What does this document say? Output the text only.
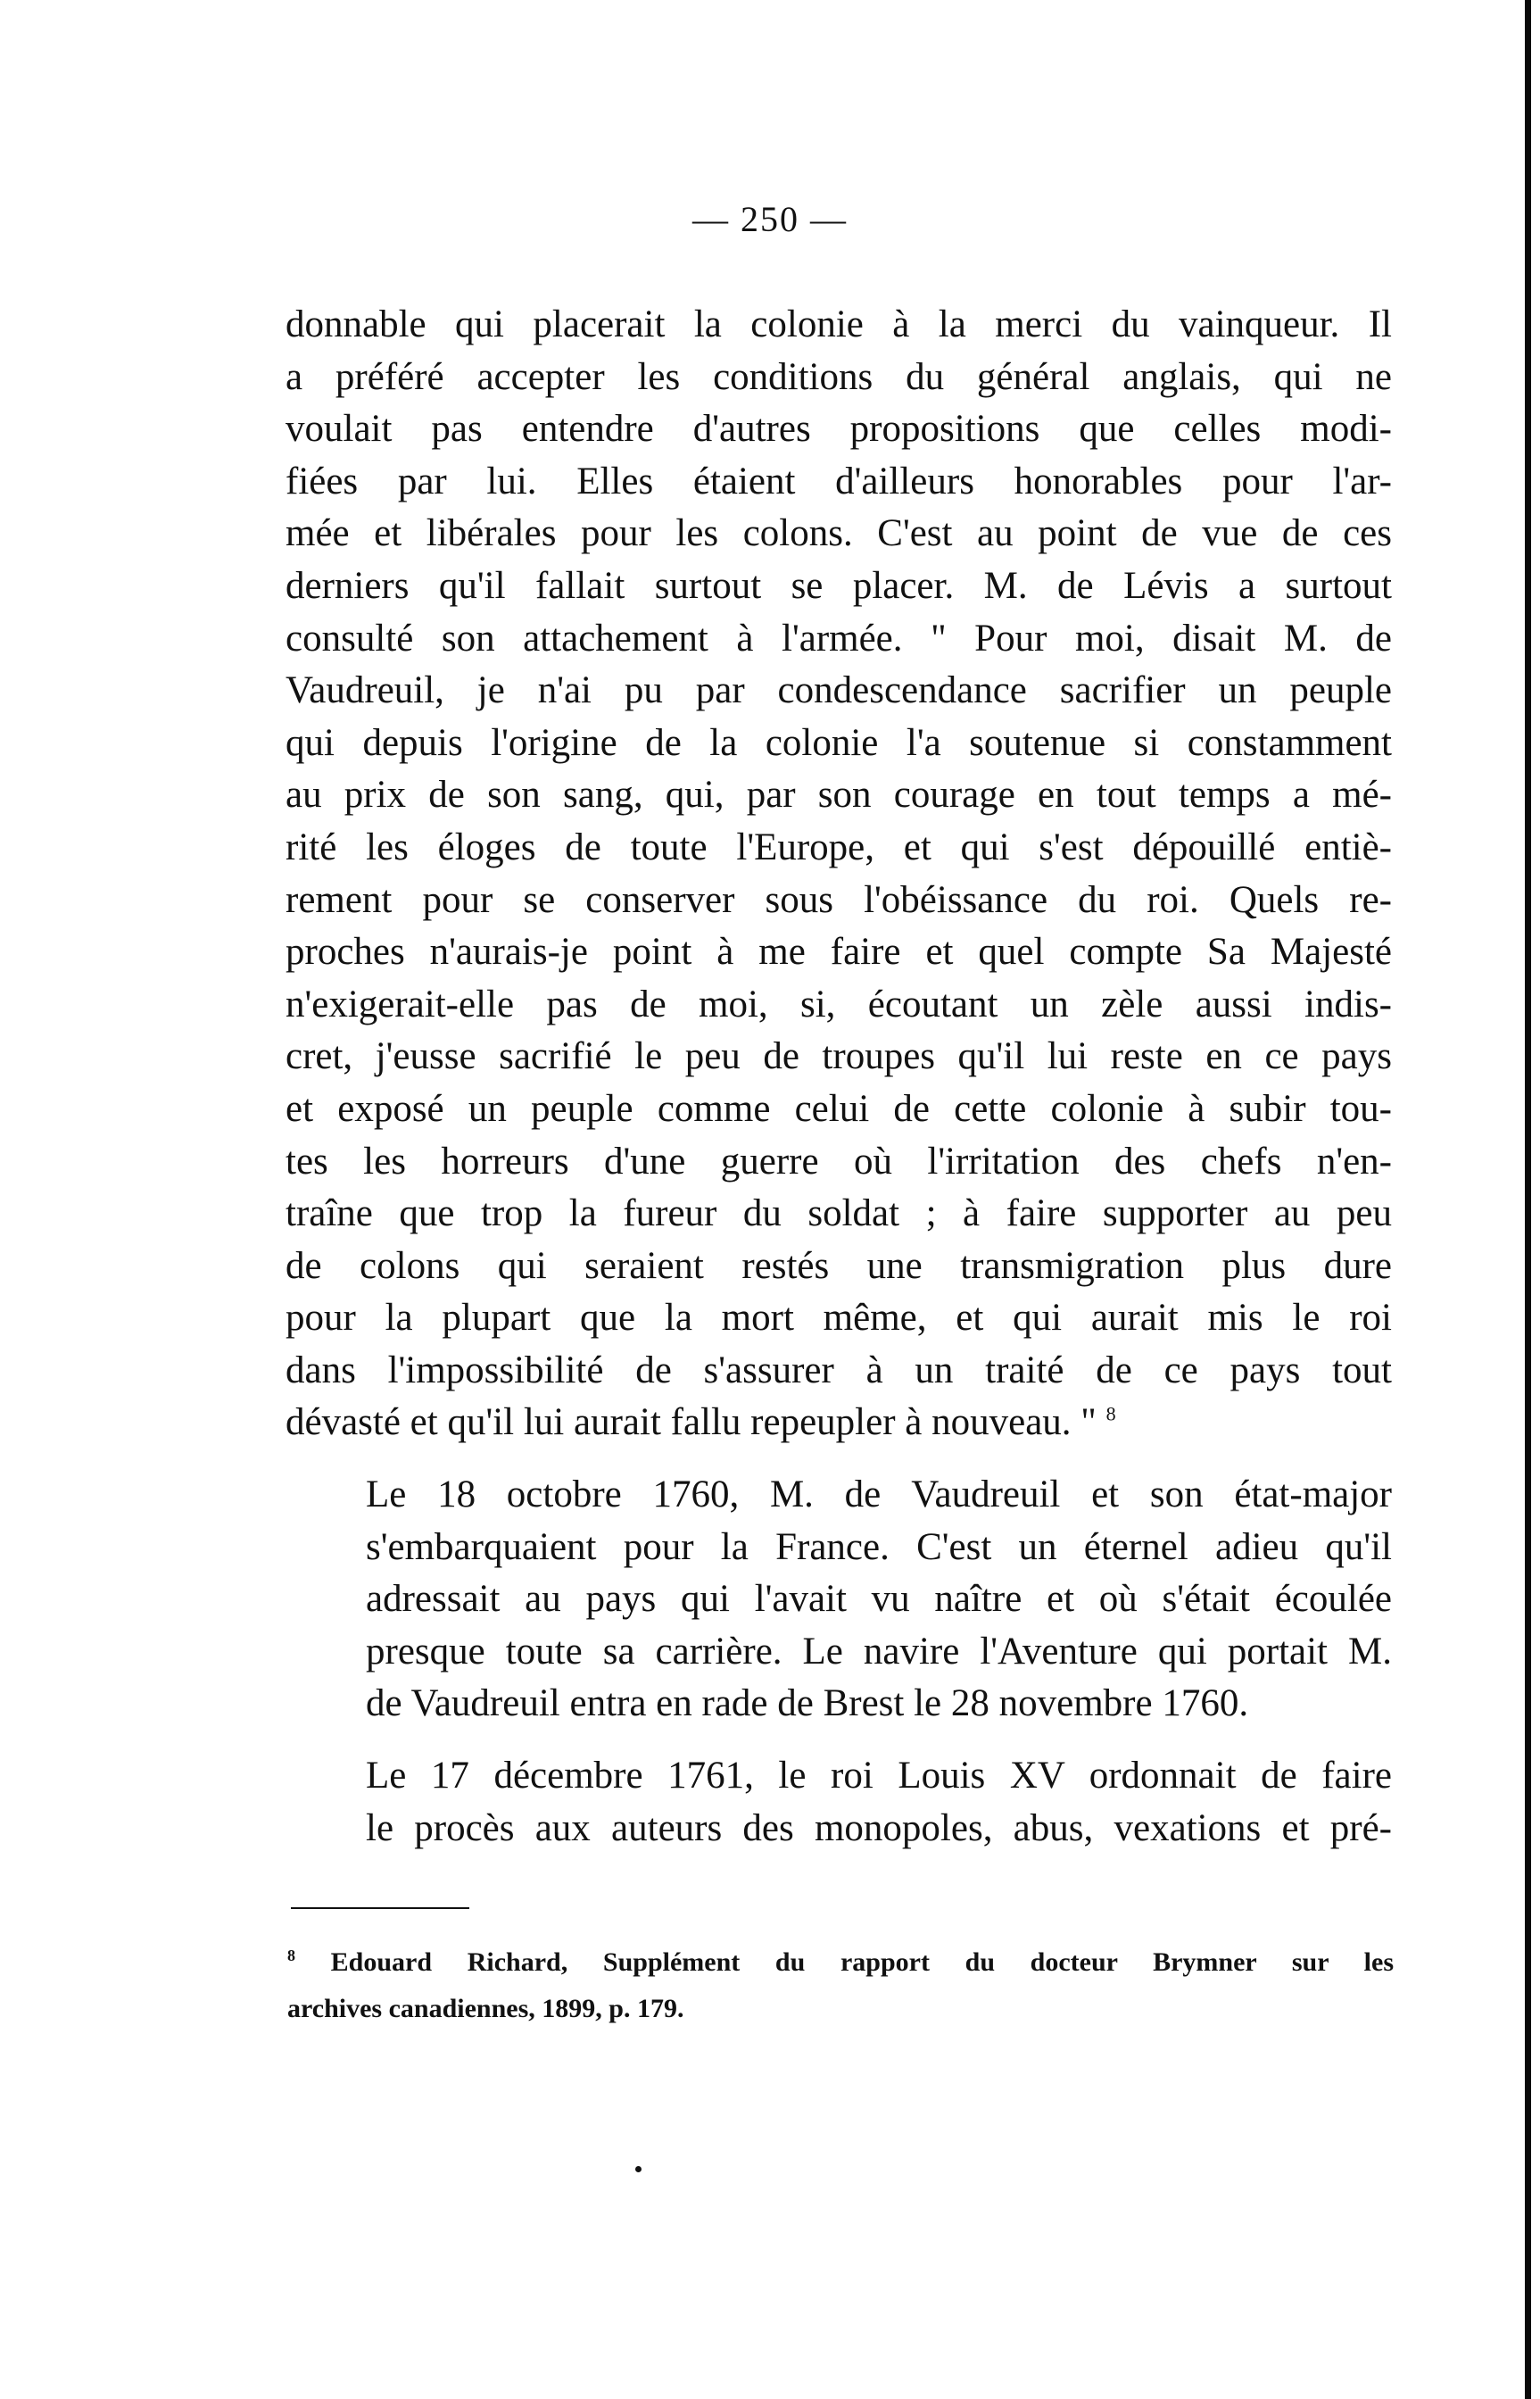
— 250 —

donnable qui placerait la colonie à la merci du vainqueur. Il
a préféré accepter les conditions du général anglais, qui ne
voulait pas entendre d'autres propositions que celles modi-
fiées par lui. Elles étaient d'ailleurs honorables pour l'ar-
mée et libérales pour les colons. C'est au point de vue de ces
derniers qu'il fallait surtout se placer. M. de Lévis a surtout
consulté son attachement à l'armée. " Pour moi, disait M. de
Vaudreuil, je n'ai pu par condescendance sacrifier un peuple
qui depuis l'origine de la colonie l'a soutenue si constamment
au prix de son sang, qui, par son courage en tout temps a mé-
rité les éloges de toute l'Europe, et qui s'est dépouillé entiè-
rement pour se conserver sous l'obéissance du roi. Quels re-
proches n'aurais-je point à me faire et quel compte Sa Majesté
n'exigerait-elle pas de moi, si, écoutant un zèle aussi indis-
cret, j'eusse sacrifié le peu de troupes qu'il lui reste en ce pays
et exposé un peuple comme celui de cette colonie à subir tou-
tes les horreurs d'une guerre où l'irritation des chefs n'en-
traîne que trop la fureur du soldat ; à faire supporter au peu
de colons qui seraient restés une transmigration plus dure
pour la plupart que la mort même, et qui aurait mis le roi
dans l'impossibilité de s'assurer à un traité de ce pays tout
dévasté et qu'il lui aurait fallu repeupler à nouveau. " $^8$

Le 18 octobre 1760, M. de Vaudreuil et son état-major
s'embarquaient pour la France. C'est un éternel adieu qu'il
adressait au pays qui l'avait vu naître et où s'était écoulée
presque toute sa carrière. Le navire l'Aventure qui portait M.
de Vaudreuil entra en rade de Brest le 28 novembre 1760.

Le 17 décembre 1761, le roi Louis XV ordonnait de faire
le procès aux auteurs des monopoles, abus, vexations et pré-

$^8$ Edouard Richard, Supplément du rapport du docteur Brymner sur les
archives canadiennes, 1899, p. 179.
